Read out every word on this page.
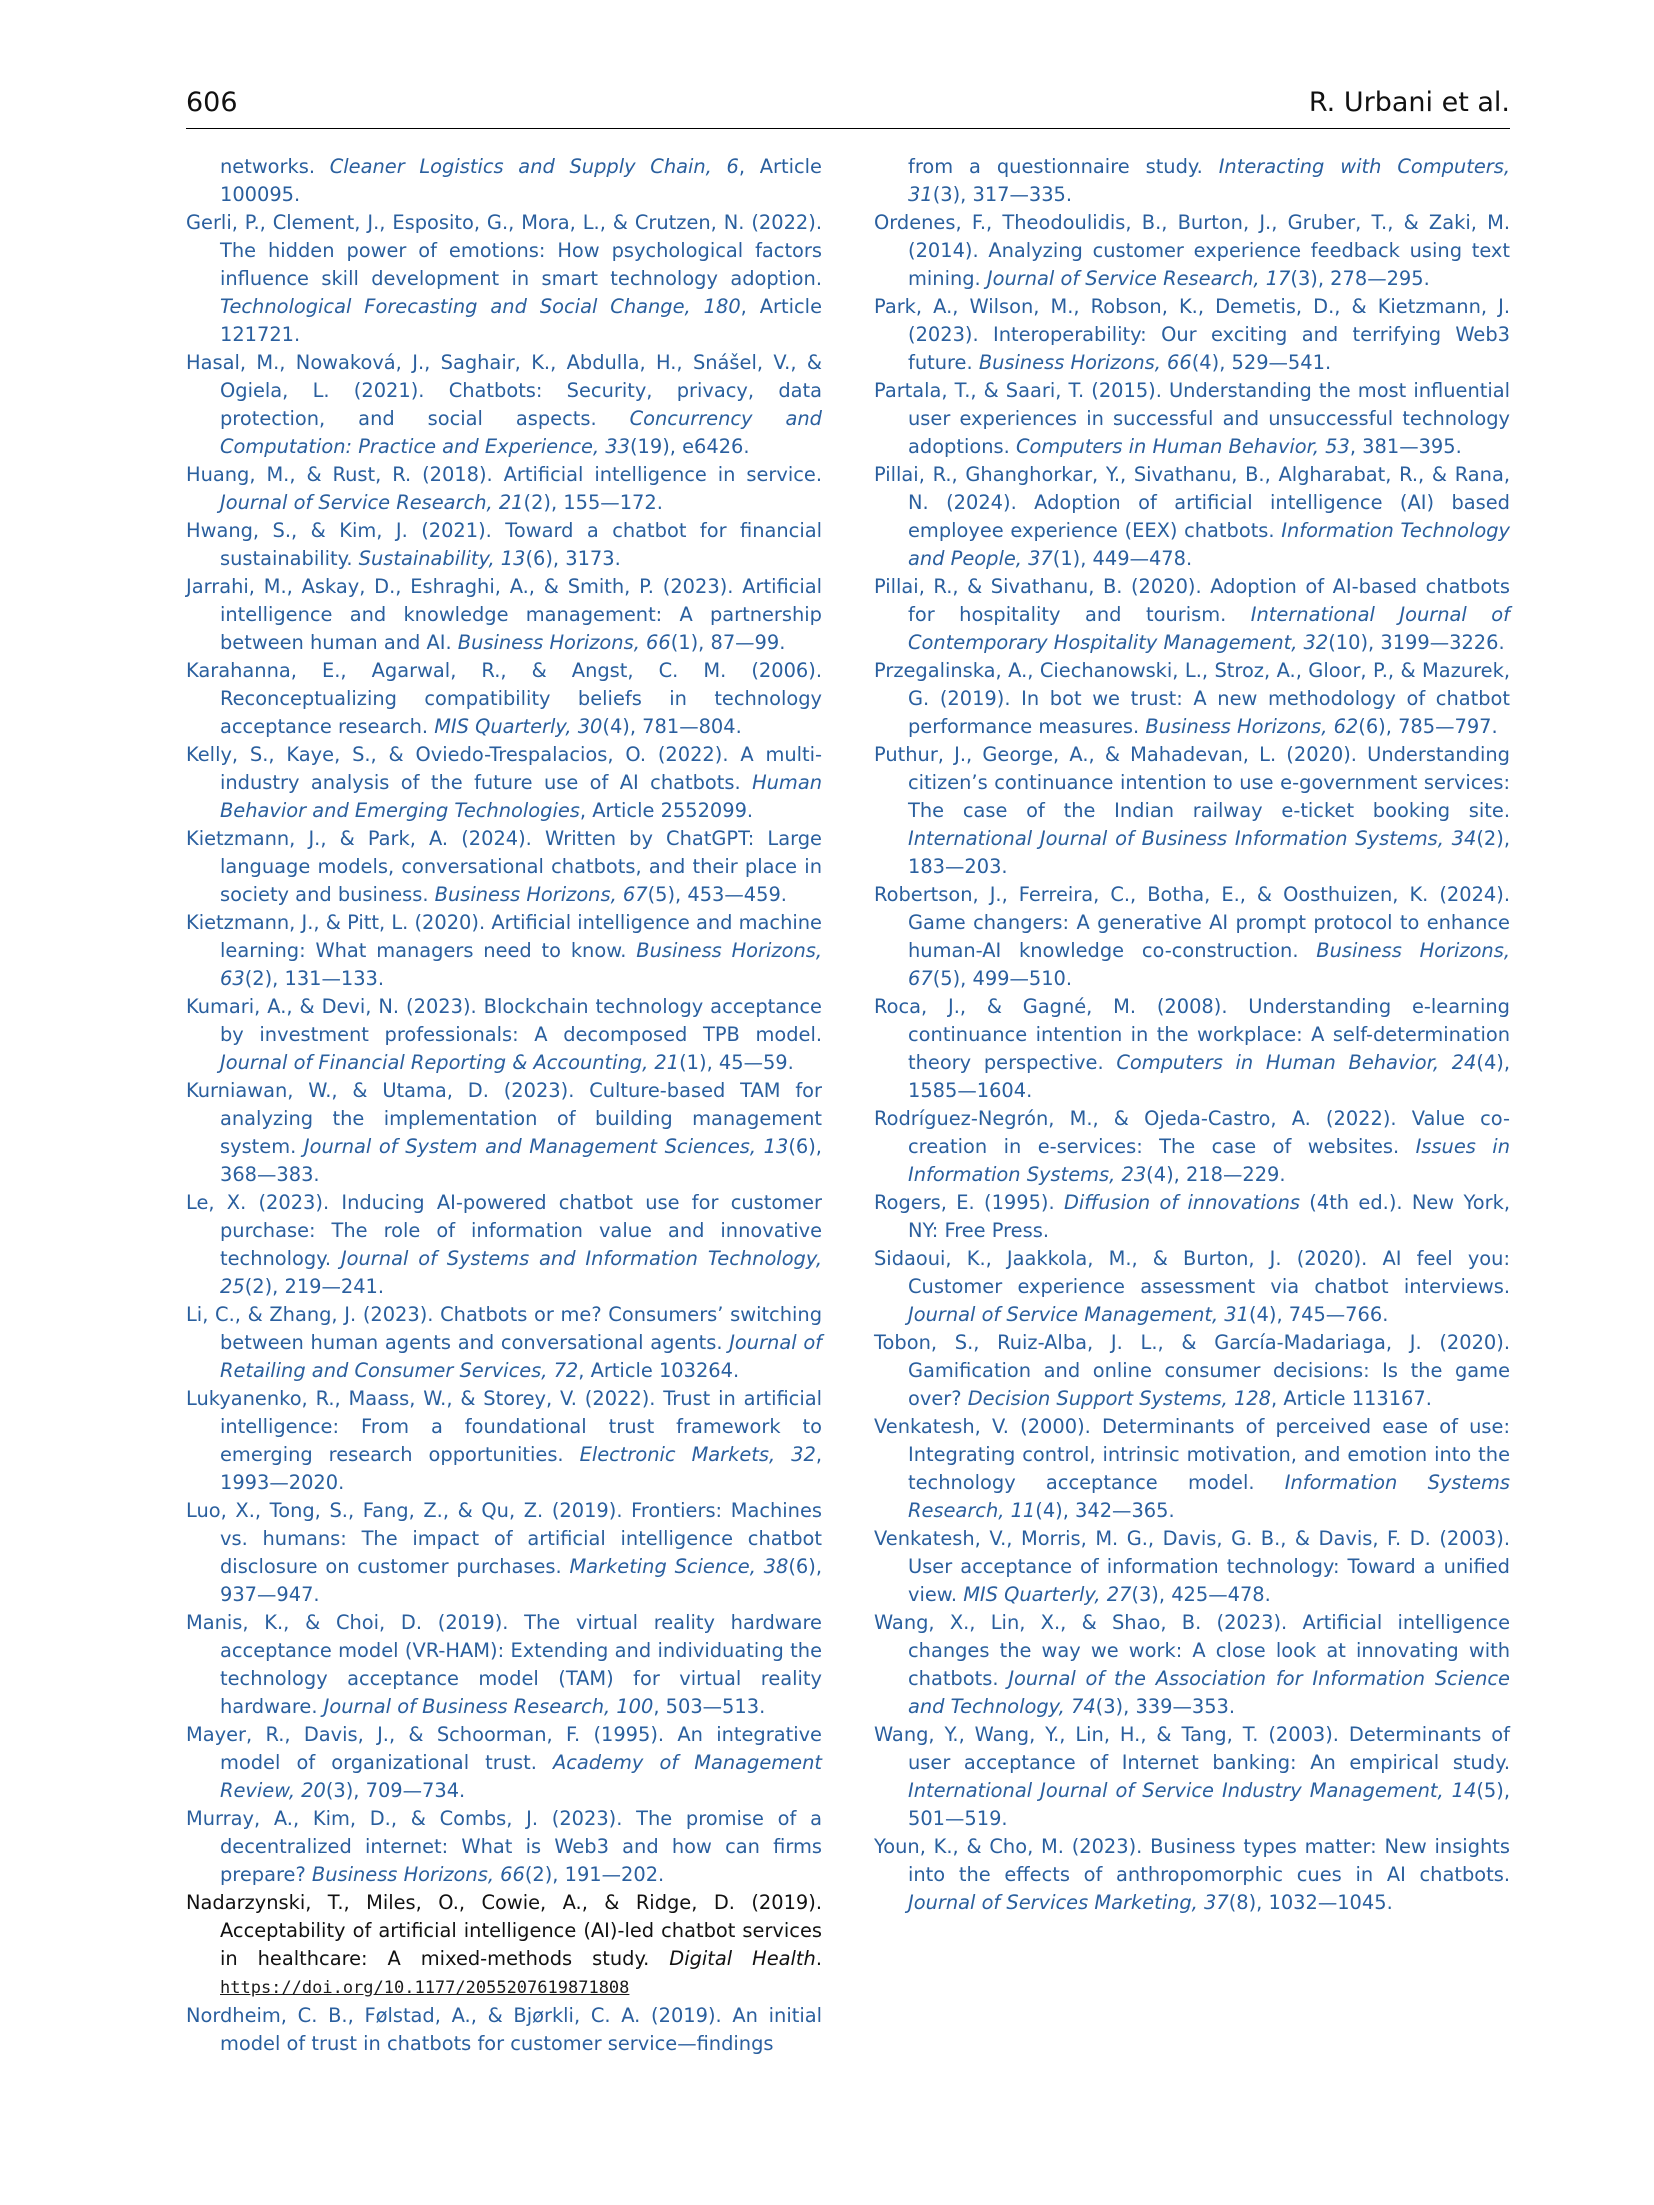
606	R. Urbani et al.

networks. Cleaner Logistics and Supply Chain, 6, Article 100095.

Gerli, P., Clement, J., Esposito, G., Mora, L., & Crutzen, N. (2022). The hidden power of emotions: How psychological factors influence skill development in smart technology adoption. Technological Forecasting and Social Change, 180, Article 121721.

Hasal, M., Nowaková, J., Saghair, K., Abdulla, H., Snášel, V., & Ogiela, L. (2021). Chatbots: Security, privacy, data protection, and social aspects. Concurrency and Computation: Practice and Experience, 33(19), e6426.

Huang, M., & Rust, R. (2018). Artificial intelligence in service. Journal of Service Research, 21(2), 155—172.

Hwang, S., & Kim, J. (2021). Toward a chatbot for financial sustainability. Sustainability, 13(6), 3173.

Jarrahi, M., Askay, D., Eshraghi, A., & Smith, P. (2023). Artificial intelligence and knowledge management: A partnership between human and AI. Business Horizons, 66(1), 87—99.

Karahanna, E., Agarwal, R., & Angst, C. M. (2006). Reconceptualizing compatibility beliefs in technology acceptance research. MIS Quarterly, 30(4), 781—804.

Kelly, S., Kaye, S., & Oviedo-Trespalacios, O. (2022). A multi-industry analysis of the future use of AI chatbots. Human Behavior and Emerging Technologies, Article 2552099.

Kietzmann, J., & Park, A. (2024). Written by ChatGPT: Large language models, conversational chatbots, and their place in society and business. Business Horizons, 67(5), 453—459.

Kietzmann, J., & Pitt, L. (2020). Artificial intelligence and machine learning: What managers need to know. Business Horizons, 63(2), 131—133.

Kumari, A., & Devi, N. (2023). Blockchain technology acceptance by investment professionals: A decomposed TPB model. Journal of Financial Reporting & Accounting, 21(1), 45—59.

Kurniawan, W., & Utama, D. (2023). Culture-based TAM for analyzing the implementation of building management system. Journal of System and Management Sciences, 13(6), 368—383.

Le, X. (2023). Inducing AI-powered chatbot use for customer purchase: The role of information value and innovative technology. Journal of Systems and Information Technology, 25(2), 219—241.

Li, C., & Zhang, J. (2023). Chatbots or me? Consumers’ switching between human agents and conversational agents. Journal of Retailing and Consumer Services, 72, Article 103264.

Lukyanenko, R., Maass, W., & Storey, V. (2022). Trust in artificial intelligence: From a foundational trust framework to emerging research opportunities. Electronic Markets, 32, 1993—2020.

Luo, X., Tong, S., Fang, Z., & Qu, Z. (2019). Frontiers: Machines vs. humans: The impact of artificial intelligence chatbot disclosure on customer purchases. Marketing Science, 38(6), 937—947.

Manis, K., & Choi, D. (2019). The virtual reality hardware acceptance model (VR-HAM): Extending and individuating the technology acceptance model (TAM) for virtual reality hardware. Journal of Business Research, 100, 503—513.

Mayer, R., Davis, J., & Schoorman, F. (1995). An integrative model of organizational trust. Academy of Management Review, 20(3), 709—734.

Murray, A., Kim, D., & Combs, J. (2023). The promise of a decentralized internet: What is Web3 and how can firms prepare? Business Horizons, 66(2), 191—202.

Nadarzynski, T., Miles, O., Cowie, A., & Ridge, D. (2019). Acceptability of artificial intelligence (AI)-led chatbot services in healthcare: A mixed-methods study. Digital Health. https://doi.org/10.1177/2055207619871808

Nordheim, C. B., Følstad, A., & Bjørkli, C. A. (2019). An initial model of trust in chatbots for customer service—findings

from a questionnaire study. Interacting with Computers, 31(3), 317—335.

Ordenes, F., Theodoulidis, B., Burton, J., Gruber, T., & Zaki, M. (2014). Analyzing customer experience feedback using text mining. Journal of Service Research, 17(3), 278—295.

Park, A., Wilson, M., Robson, K., Demetis, D., & Kietzmann, J. (2023). Interoperability: Our exciting and terrifying Web3 future. Business Horizons, 66(4), 529—541.

Partala, T., & Saari, T. (2015). Understanding the most influential user experiences in successful and unsuccessful technology adoptions. Computers in Human Behavior, 53, 381—395.

Pillai, R., Ghanghorkar, Y., Sivathanu, B., Algharabat, R., & Rana, N. (2024). Adoption of artificial intelligence (AI) based employee experience (EEX) chatbots. Information Technology and People, 37(1), 449—478.

Pillai, R., & Sivathanu, B. (2020). Adoption of AI-based chatbots for hospitality and tourism. International Journal of Contemporary Hospitality Management, 32(10), 3199—3226.

Przegalinska, A., Ciechanowski, L., Stroz, A., Gloor, P., & Mazurek, G. (2019). In bot we trust: A new methodology of chatbot performance measures. Business Horizons, 62(6), 785—797.

Puthur, J., George, A., & Mahadevan, L. (2020). Understanding citizen’s continuance intention to use e-government services: The case of the Indian railway e-ticket booking site. International Journal of Business Information Systems, 34(2), 183—203.

Robertson, J., Ferreira, C., Botha, E., & Oosthuizen, K. (2024). Game changers: A generative AI prompt protocol to enhance human-AI knowledge co-construction. Business Horizons, 67(5), 499—510.

Roca, J., & Gagné, M. (2008). Understanding e-learning continuance intention in the workplace: A self-determination theory perspective. Computers in Human Behavior, 24(4), 1585—1604.

Rodríguez-Negrón, M., & Ojeda-Castro, A. (2022). Value co-creation in e-services: The case of websites. Issues in Information Systems, 23(4), 218—229.

Rogers, E. (1995). Diffusion of innovations (4th ed.). New York, NY: Free Press.

Sidaoui, K., Jaakkola, M., & Burton, J. (2020). AI feel you: Customer experience assessment via chatbot interviews. Journal of Service Management, 31(4), 745—766.

Tobon, S., Ruiz-Alba, J. L., & García-Madariaga, J. (2020). Gamification and online consumer decisions: Is the game over? Decision Support Systems, 128, Article 113167.

Venkatesh, V. (2000). Determinants of perceived ease of use: Integrating control, intrinsic motivation, and emotion into the technology acceptance model. Information Systems Research, 11(4), 342—365.

Venkatesh, V., Morris, M. G., Davis, G. B., & Davis, F. D. (2003). User acceptance of information technology: Toward a unified view. MIS Quarterly, 27(3), 425—478.

Wang, X., Lin, X., & Shao, B. (2023). Artificial intelligence changes the way we work: A close look at innovating with chatbots. Journal of the Association for Information Science and Technology, 74(3), 339—353.

Wang, Y., Wang, Y., Lin, H., & Tang, T. (2003). Determinants of user acceptance of Internet banking: An empirical study. International Journal of Service Industry Management, 14(5), 501—519.

Youn, K., & Cho, M. (2023). Business types matter: New insights into the effects of anthropomorphic cues in AI chatbots. Journal of Services Marketing, 37(8), 1032—1045.
